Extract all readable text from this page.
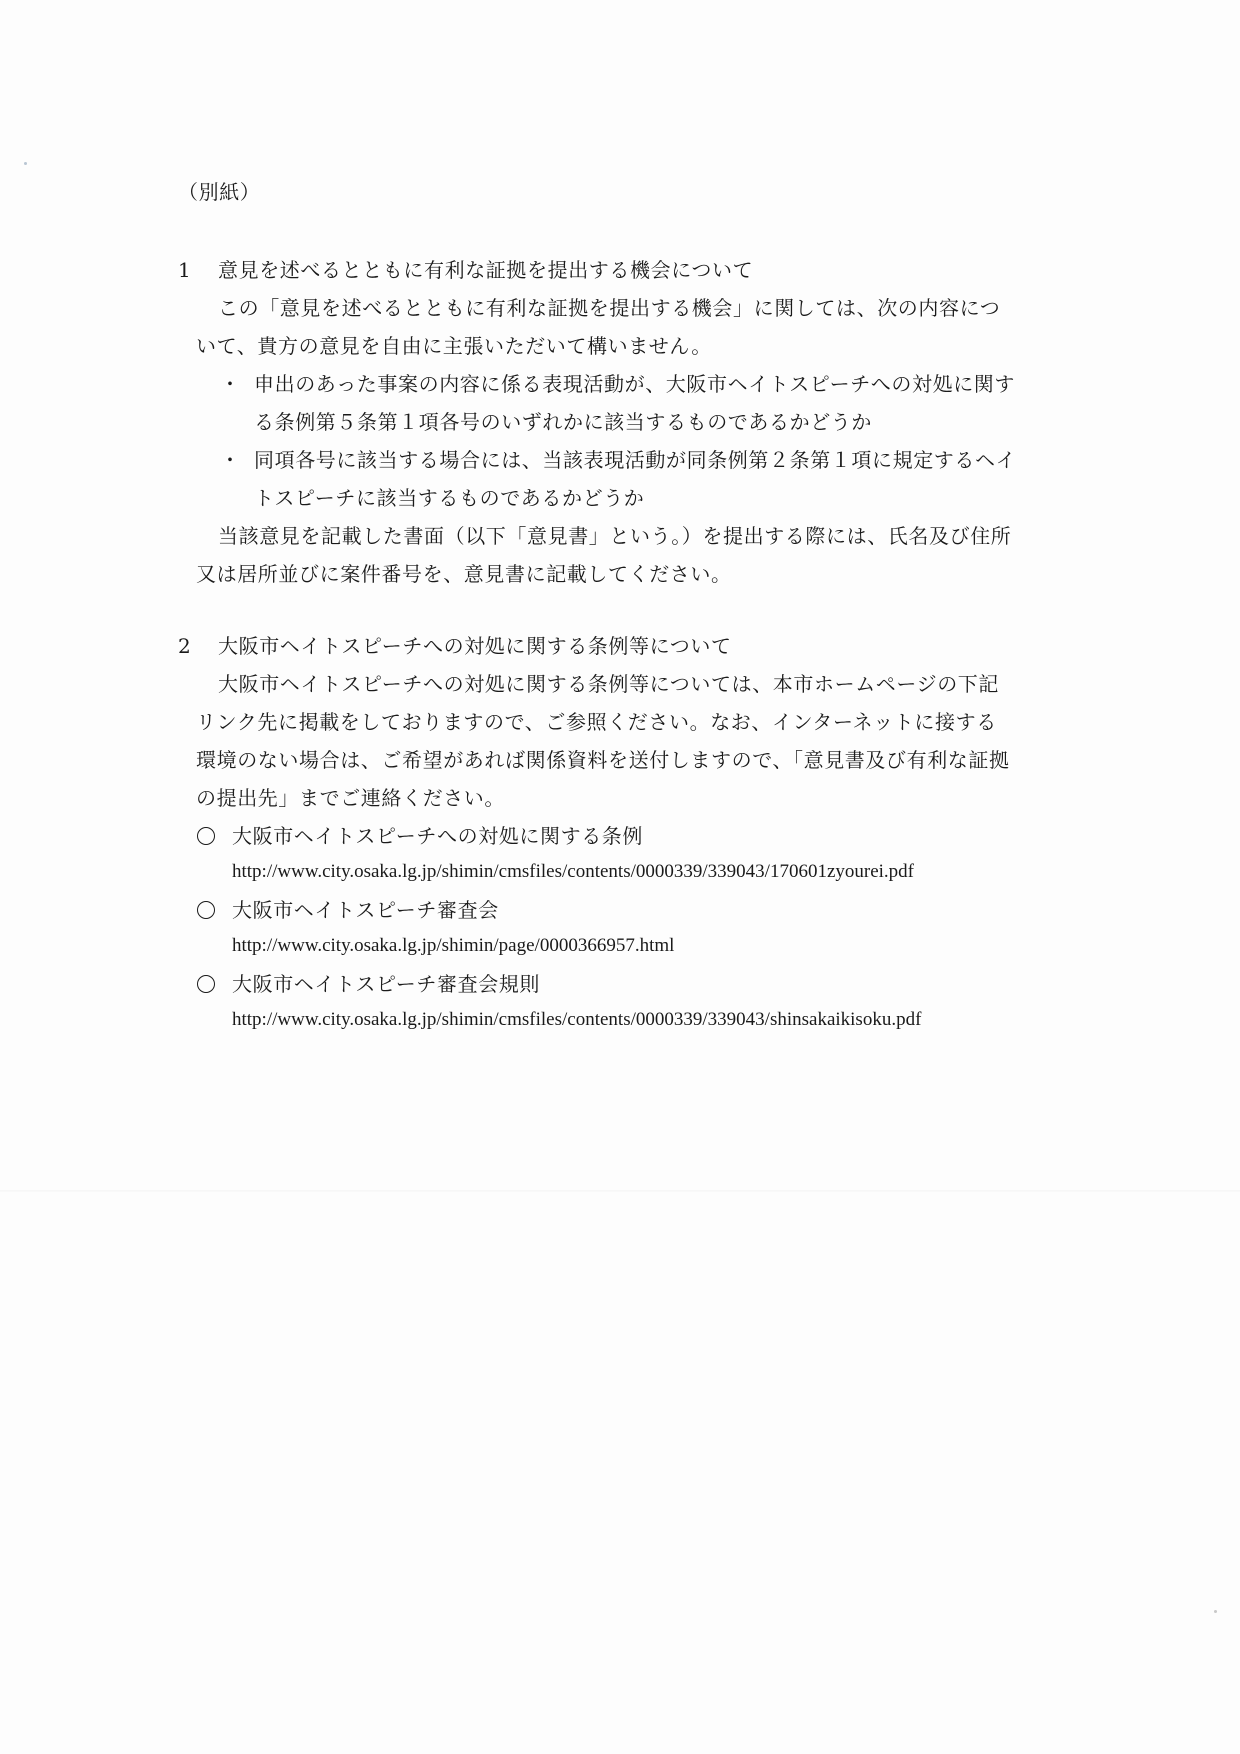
（別紙）
1 意見を述べるとともに有利な証拠を提出する機会について
この「意見を述べるとともに有利な証拠を提出する機会」に関しては、次の内容につ
いて、貴方の意見を自由に主張いただいて構いません。
・ 申出のあった事案の内容に係る表現活動が、大阪市ヘイトスピーチへの対処に関す
る条例第５条第１項各号のいずれかに該当するものであるかどうか
・ 同項各号に該当する場合には、当該表現活動が同条例第２条第１項に規定するヘイ
トスピーチに該当するものであるかどうか
当該意見を記載した書面（以下「意見書」という。）を提出する際には、氏名及び住所
又は居所並びに案件番号を、意見書に記載してください。
2 大阪市ヘイトスピーチへの対処に関する条例等について
大阪市ヘイトスピーチへの対処に関する条例等については、本市ホームページの下記
リンク先に掲載をしておりますので、ご参照ください。なお、インターネットに接する
環境のない場合は、ご希望があれば関係資料を送付しますので、「意見書及び有利な証拠
の提出先」までご連絡ください。
大阪市ヘイトスピーチへの対処に関する条例
http://www.city.osaka.lg.jp/shimin/cmsfiles/contents/0000339/339043/170601zyourei.pdf
大阪市ヘイトスピーチ審査会
http://www.city.osaka.lg.jp/shimin/page/0000366957.html
大阪市ヘイトスピーチ審査会規則
http://www.city.osaka.lg.jp/shimin/cmsfiles/contents/0000339/339043/shinsakaikisoku.pdf
